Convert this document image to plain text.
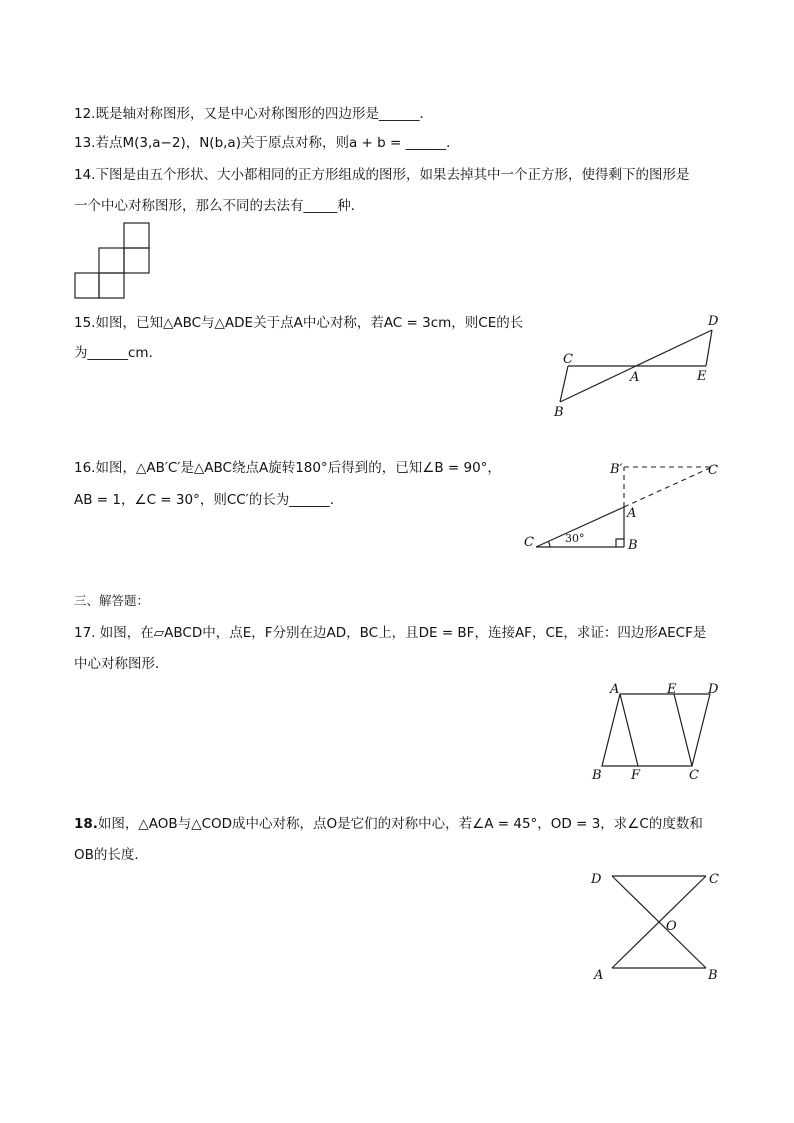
12.既是轴对称图形，又是中心对称图形的四边形是______．
13.若点M(3,a−2)，N(b,a)关于原点对称，则a + b = ______．
14.下图是由五个形状、大小都相同的正方形组成的图形，如果去掉其中一个正方形，使得剩下的图形是
一个中心对称图形，那么不同的去法有_____种．
15.如图，已知△ABC与△ADE关于点A中心对称，若AC = 3cm，则CE的长
为______cm．	C
B
A
D
E
16.如图，△AB′C′是△ABC绕点A旋转180°后得到的，已知∠B = 90°，
AB = 1，∠C = 30°，则CC′的长为______．
B′	C
A
C	B
30°
三、解答题：
17. 如图，在▱ABCD中，点E，F分别在边AD，BC上，且DE = BF，连接AF，CE，求证：四边形AECF是
中心对称图形．
A	E D
B F	C
18.如图，△AOB与△COD成中心对称，点O是它们的对称中心，若∠A = 45°，OD = 3，求∠C的度数和
OB的长度．
D	C
O
A	B
